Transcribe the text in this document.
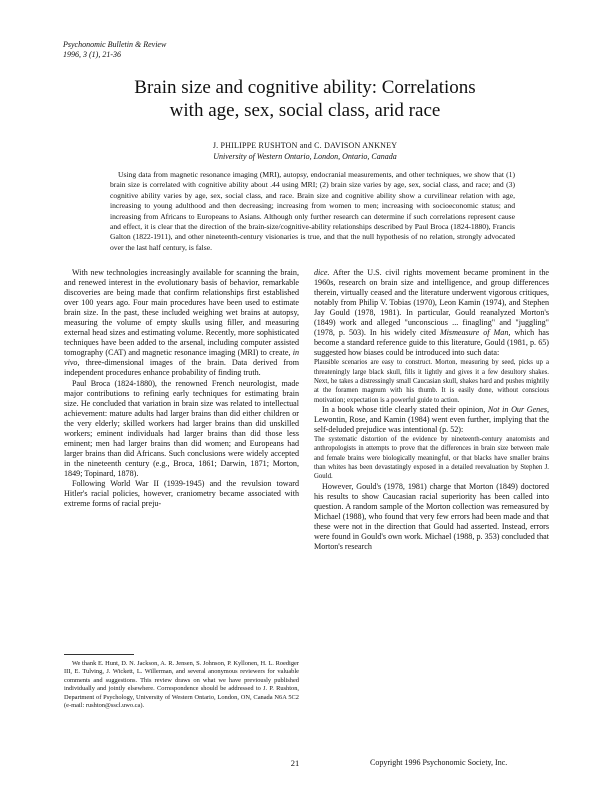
Psychonomic Bulletin & Review
1996, 3 (1), 21-36
Brain size and cognitive ability: Correlations
with age, sex, social class, arid race
J. PHILIPPE RUSHTON and C. DAVISON ANKNEY
University of Western Ontario, London, Ontario, Canada

Using data from magnetic resonance imaging (MRI), autopsy, endocranial measurements, and other techniques, we show that (1) brain size is correlated with cognitive ability about .44 using MRI; (2) brain size varies by age, sex, social class, and race; and (3) cognitive ability varies by age, sex, social class, and race. Brain size and cognitive ability show a curvilinear relation with age, increasing to young adulthood and then decreasing; increasing from women to men; increasing with socioeconomic status; and increasing from Africans to Europeans to Asians. Although only further research can determine if such correlations represent cause and effect, it is clear that the direction of the brain-size/cognitive-ability relationships described by Paul Broca (1824-1880), Francis Galton (1822-1911), and other nineteenth-century visionaries is true, and that the null hypothesis of no relation, strongly advocated over the last half century, is false.

With new technologies increasingly available for scanning the brain, and renewed interest in the evolutionary basis of behavior, remarkable discoveries are being made that confirm relationships first established over 100 years ago. Four main procedures have been used to estimate brain size. In the past, these included weighing wet brains at autopsy, measuring the volume of empty skulls using filler, and measuring external head sizes and estimating volume. Recently, more sophisticated techniques have been added to the arsenal, including computer assisted tomography (CAT) and magnetic resonance imaging (MRI) to create, in vivo, three-dimensional images of the brain. Data derived from independent procedures enhance probability of finding truth.

Paul Broca (1824-1880), the renowned French neurologist, made major contributions to refining early techniques for estimating brain size. He concluded that variation in brain size was related to intellectual achievement: mature adults had larger brains than did either children or the very elderly; skilled workers had larger brains than did unskilled workers; eminent individuals had larger brains than did those less eminent; men had larger brains than did women; and Europeans had larger brains than did Africans. Such conclusions were widely accepted in the nineteenth century (e.g., Broca, 1861; Darwin, 1871; Morton, 1849; Topinard, 1878).

Following World War II (1939-1945) and the revulsion toward Hitler's racial policies, however, craniometry became associated with extreme forms of racial preju-

We thank E. Hunt, D. N. Jackson, A. R. Jensen, S. Johnson, P. Kyllonen, H. L. Roediger III, E. Tulving, J. Wickett, L. Willerman, and several anonymous reviewers for valuable comments and suggestions. This review draws on what we have previously published individually and jointly elsewhere. Correspondence should be addressed to J. P. Rushton, Department of Psychology, University of Western Ontario, London, ON, Canada N6A 5C2 (e-mail: rushton@sscl.uwo.ca).

dice. After the U.S. civil rights movement became prominent in the 1960s, research on brain size and intelligence, and group differences therein, virtually ceased and the literature underwent vigorous critiques, notably from Philip V. Tobias (1970), Leon Kamin (1974), and Stephen Jay Gould (1978, 1981). In particular, Gould reanalyzed Morton's (1849) work and alleged "unconscious ... finagling" and "juggling" (1978, p. 503). In his widely cited Mismeasure of Man, which has become a standard reference guide to this literature, Gould (1981, p. 65) suggested how biases could be introduced into such data:

Plausible scenarios are easy to construct. Morton, measuring by seed, picks up a threateningly large black skull, fills it lightly and gives it a few desultory shakes. Next, he takes a distressingly small Caucasian skull, shakes hard and pushes mightily at the foramen magnum with his thumb. It is easily done, without conscious motivation; expectation is a powerful guide to action.

In a book whose title clearly stated their opinion, Not in Our Genes, Lewontin, Rose, and Kamin (1984) went even further, implying that the self-deluded prejudice was intentional (p. 52):

The systematic distortion of the evidence by nineteenth-century anatomists and anthropologists in attempts to prove that the differences in brain size between male and female brains were biologically meaningful, or that blacks have smaller brains than whites has been devastatingly exposed in a detailed reevaluation by Stephen J. Gould.

However, Gould's (1978, 1981) charge that Morton (1849) doctored his results to show Caucasian racial superiority has been called into question. A random sample of the Morton collection was remeasured by Michael (1988), who found that very few errors had been made and that these were not in the direction that Gould had asserted. Instead, errors were found in Gould's own work. Michael (1988, p. 353) concluded that Morton's research

21	Copyright 1996 Psychonomic Society, Inc.
